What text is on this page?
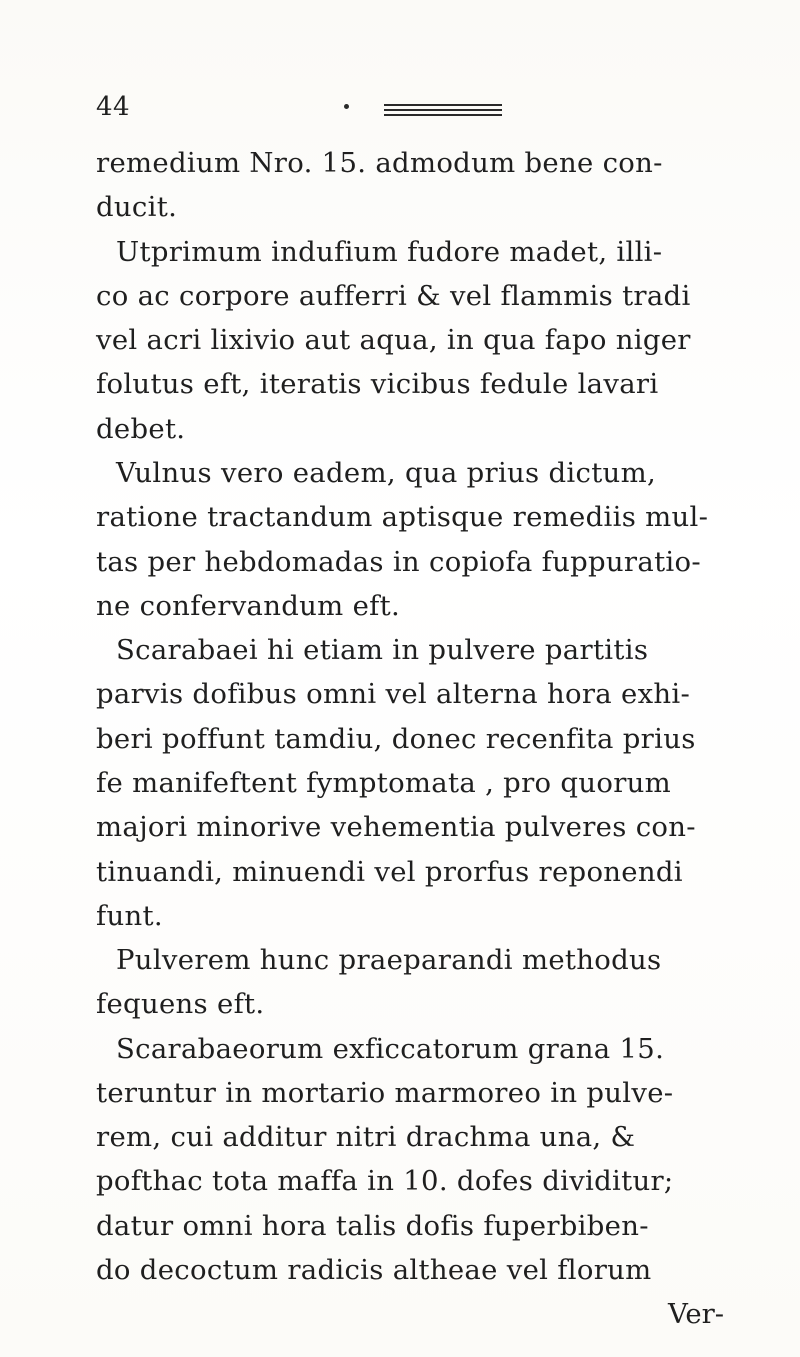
44
remedium Nro. 15. admodum bene con-
ducit.
Utprimum indufium fudore madet, illi-
co ac corpore aufferri & vel flammis tradi
vel acri lixivio aut aqua, in qua fapo niger
folutus eft, iteratis vicibus fedule lavari
debet.
Vulnus vero eadem, qua prius dictum,
ratione tractandum aptisque remediis mul-
tas per hebdomadas in copiofa fuppuratio-
ne confervandum eft.
Scarabaei hi etiam in pulvere partitis
parvis dofibus omni vel alterna hora exhi-
beri poffunt tamdiu, donec recenfita prius
fe manifeftent fymptomata , pro quorum
majori minorive vehementia pulveres con-
tinuandi, minuendi vel prorfus reponendi
funt.
Pulverem hunc praeparandi methodus
fequens eft.
Scarabaeorum exficcatorum grana 15.
teruntur in mortario marmoreo in pulve-
rem, cui additur nitri drachma una, &
pofthac tota maffa in 10. dofes dividitur;
datur omni hora talis dofis fuperbiben-
do decoctum radicis altheae vel florum
Ver-
